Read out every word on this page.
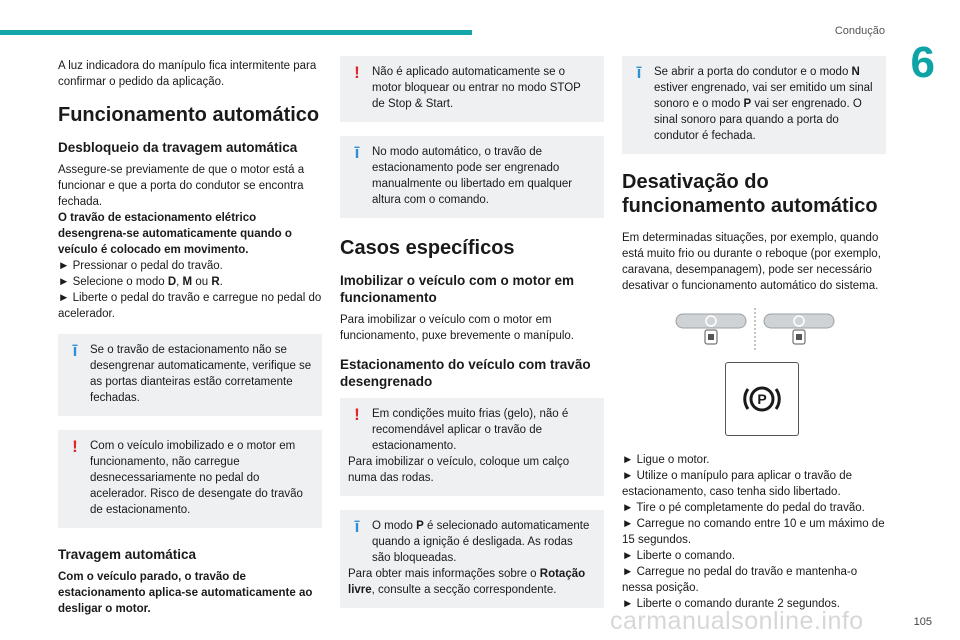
Condução
6
105
carmanualsonline.info

A luz indicadora do manípulo fica intermitente para confirmar o pedido da aplicação.

Funcionamento automático
Desbloqueio da travagem automática

Assegure-se previamente de que o motor está a funcionar e que a porta do condutor se encontra fechada.

O travão de estacionamento elétrico desengrena-se automaticamente quando o veículo é colocado em movimento.

► Pressionar o pedal do travão.

► Selecione o modo D, M ou R.

► Liberte o pedal do travão e carregue no pedal do acelerador.

ī	Se o travão de estacionamento não se desengrenar automaticamente, verifique se as portas dianteiras estão corretamente fechadas.

!	Com o veículo imobilizado e o motor em funcionamento, não carregue desnecessariamente no pedal do acelerador. Risco de desengate do travão de estacionamento.

Travagem automática

Com o veículo parado, o travão de estacionamento aplica-se automaticamente ao desligar o motor.

!	Não é aplicado automaticamente se o motor bloquear ou entrar no modo STOP de Stop & Start.

ī	No modo automático, o travão de estacionamento pode ser engrenado manualmente ou libertado em qualquer altura com o comando.

Casos específicos
Imobilizar o veículo com o motor em funcionamento

Para imobilizar o veículo com o motor em funcionamento, puxe brevemente o manípulo.

Estacionamento do veículo com travão desengrenado
!	Em condições muito frias (gelo), não é recomendável aplicar o travão de estacionamento.

Para imobilizar o veículo, coloque um calço numa das rodas.

ī	O modo P é selecionado automaticamente quando a ignição é desligada. As rodas são bloqueadas.

Para obter mais informações sobre o Rotação livre, consulte a secção correspondente.

ī	Se abrir a porta do condutor e o modo N estiver engrenado, vai ser emitido um sinal sonoro e o modo P vai ser engrenado. O sinal sonoro para quando a porta do condutor é fechada.

Desativação do funcionamento automático

Em determinadas situações, por exemplo, quando está muito frio ou durante o reboque (por exemplo, caravana, desempanagem), pode ser necessário desativar o funcionamento automático do sistema.

P

► Ligue o motor.

► Utilize o manípulo para aplicar o travão de estacionamento, caso tenha sido libertado.

► Tire o pé completamente do pedal do travão.

► Carregue no comando entre 10 e um máximo de 15 segundos.

► Liberte o comando.

► Carregue no pedal do travão e mantenha-o nessa posição.

► Liberte o comando durante 2 segundos.
